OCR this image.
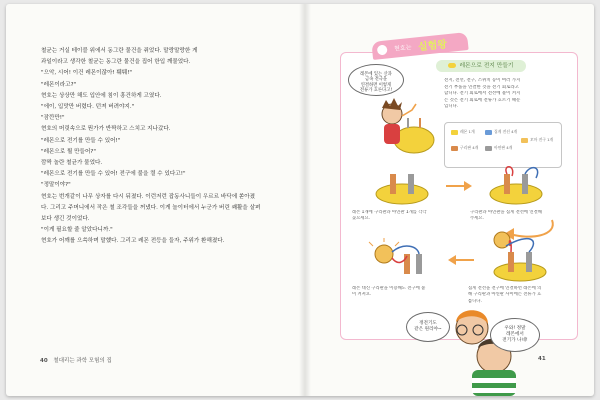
철균는 거실 테이블 위에서 동그란 물건을 쥐었다. 말랑말랑한 게

과일이라고 생각한 철균는 동그란 물건을 집어 한입 깨물었다.

"으악, 시어! 이건 레몬이잖아! 퉤퉤!"

"레몬이라고?"

현호는 상상만 해도 입안에 침이 흥건하게 고였다.

"에이, 입맛만 버렸다. 던져 버려야지."

"잠깐만!"

현호의 머릿속으로 뭔가가 반짝하고 스치고 지나갔다.

"레몬으로 전기를 만들 수 있어!"

"레몬으로 뭘 만들어?"

깜짝 놀란 철균가 물었다.

"레몬으로 전기를 만들 수 있어! 전구에 불을 켤 수 있다고!"

"정말이야?"

현호는 번개같이 나무 상자를 다시 뒤졌다. 이런저런 잡동사니들이 우르르 바닥에 쏟아졌다. 그리고 주머니에서 작은 철 조각들을 꺼냈다. 이게 놀이터에서 누군가 버린 쾌활을 살펴보다 생긴 것이었다.

"이게 필요할 줄 알았다니까."

현호가 어깨를 으쓱하며 말했다. 그리고 레몬 전등을 들자, 주위가 환해졌다.

40 철대리는 과학 모험의 집
현호는 실험왕
레몬으로 전지 만들기
레몬에 있는 산과
금속 전극을
연결하면 이렇게
전류가 흐른다고!
전지, 전선, 전구, 스위치 등이 여러 가지
전기 부품을 연결한 것을 전기 회로라고
합니다. 전기 회로에서 전선에 불이 켜지
는 것은 전기 회로에 전류가 흐르기 때문
입니다.
레몬 1개	집게 전선 4개
구리판 4개	아연판 4개
꼬마 전구 1개
레몬 1개에 구리판과 아연판 1개를 각각
꽂으세요.
구리판과 아연판을 집게 전선에 연결해
주세요.
레몬 대신 구리판을 이용해도 전구에 불
이 켜져요.
집게 전선을 전구에 연결하면 레몬에 의
해 구리판과 아연판 사이에는 전류가 흐
릅니다.
정전기도
같은 원리야~	우와! 정말
레몬에서
전기가 나네!
41
